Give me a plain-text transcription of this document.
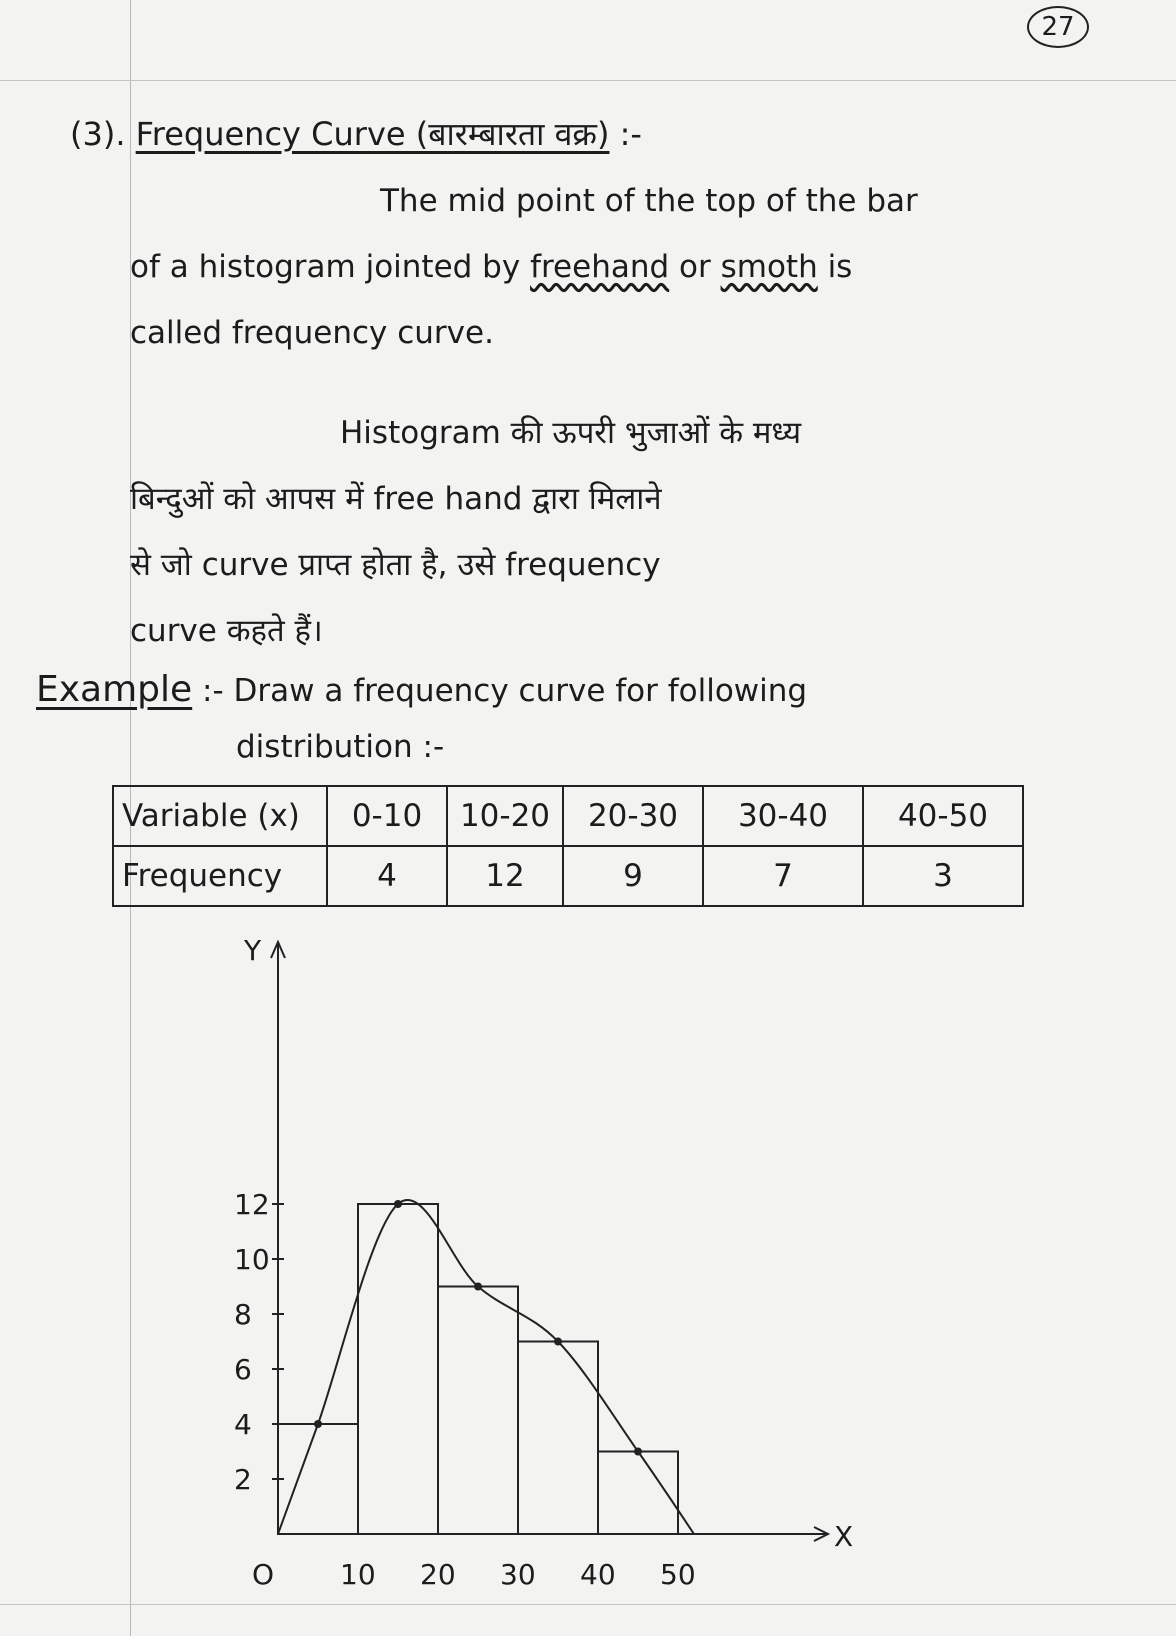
27
(3). Frequency Curve (बारम्बारता वक्र) :-
The mid point of the top of the bar
of a histogram jointed by freehand or smoth is
called frequency curve.
Histogram की ऊपरी भुजाओं के मध्य
बिन्दुओं को आपस में free hand द्वारा मिलाने
से जो curve प्राप्त होता है, उसे frequency
curve कहते हैं।
Example :- Draw a frequency curve for following
distribution :-
Variable (x)	0-10	10-20	20-30	30-40	40-50
Frequency	4	12	9	7	3
Y
X
2
4
6
8
10
12
O 10 20 30 40 50
